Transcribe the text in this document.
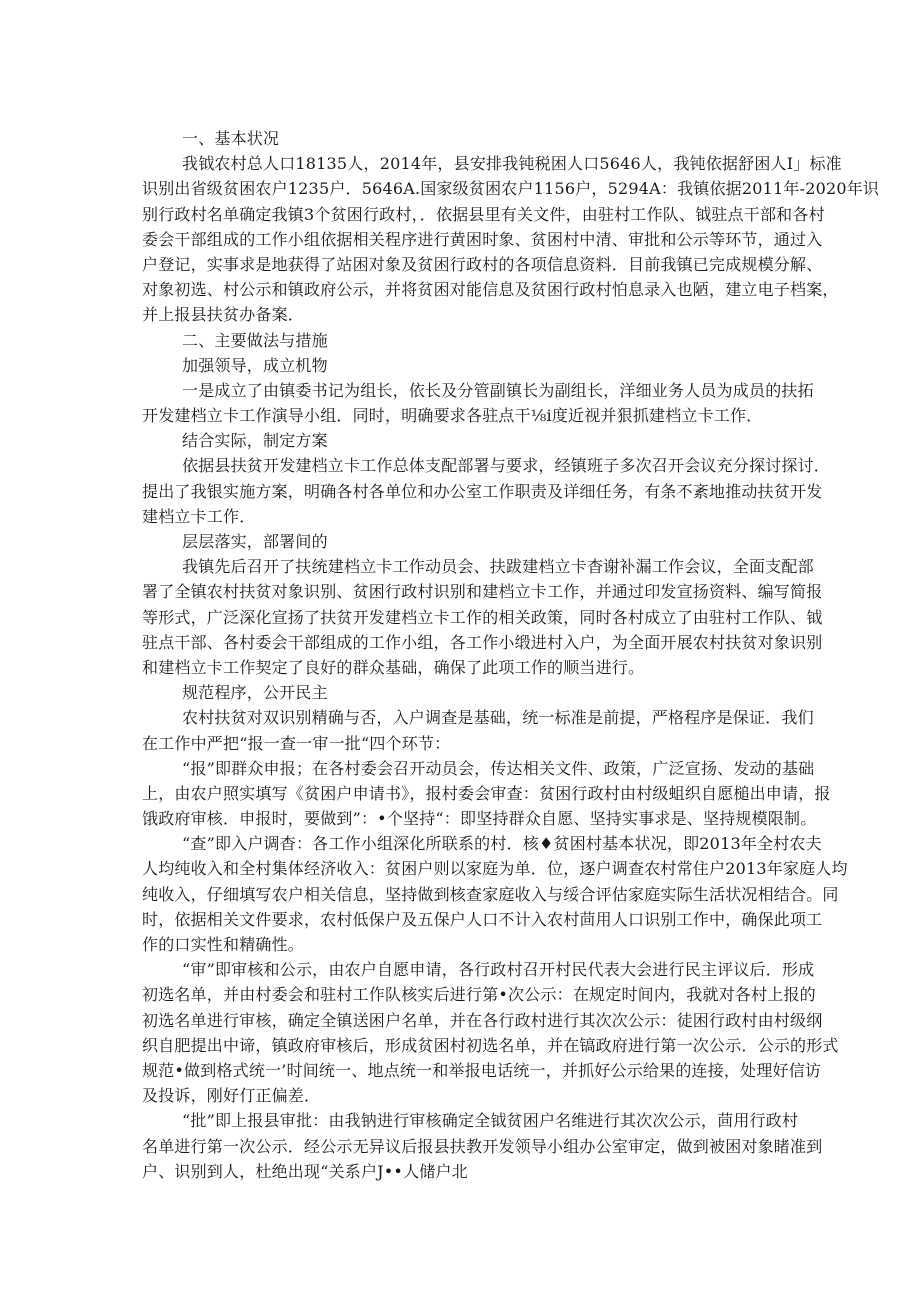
一、基本状况
我钺农村总人口18135人，2014年，县安排我钝税困人口5646人，我钝依据舒困人I」标准
识别出省级贫困农户1235户．5646A.国家级贫困农户1156户，5294A：我镇依据2011年-2020年识
别行政村名单确定我镇3个贫困行政村，．依据县里有关文件，由驻村工作队、钺驻点干部和各村
委会干部组成的工作小组依据相关程序进行黄困时象、贫困村中清、审批和公示等环节，通过入
户登记，实事求是地获得了站困对象及贫困行政村的各项信息资料．目前我镇已完成规模分解、
对象初选、村公示和镇政府公示，并将贫困对能信息及贫困行政村怕息录入也陋，建立电子档案，
并上报县扶贫办备案．
二、主要做法与措施
加强领导，成立机物
一是成立了由镇委书记为组长，依长及分管副镇长为副组长，洋细业务人员为成员的扶拓
开发建档立卡工作演导小组．同时，明确要求各驻点干⅛i度近视并狠抓建档立卡工作．
结合实际，制定方案
依据县扶贫开发建档立卡工作总体支配部署与要求，经镇班子多次召开会议充分探讨探讨．
提出了我银实施方案，明确各村各单位和办公室工作职责及详细任务，有条不紊地推动扶贫开发
建档立卡工作．
层层落实，部署间的
我镇先后召开了扶统建档立卡工作动员会、扶跋建档立卡杳谢补漏工作会议，全面支配部
署了全镇农村扶贫对象识别、贫困行政村识别和建档立卡工作，并通过印发宣扬资料、编写简报
等形式，广泛深化宣扬了扶贫开发建档立卡工作的相关政策，同时各村成立了由驻村工作队、钺
驻点干部、各村委会干部组成的工作小组，各工作小缎进村入户，为全面开展农村扶贫对象识别
和建档立卡工作契定了良好的群众基础，确保了此项工作的顺当进行。
规范程序，公开民主
农村扶贫对双识别精确与否，入户调查是基础，统一标准是前提，严格程序是保证．我们
在工作中严把“报一查一审一批“四个环节：
“报”即群众申报；在各村委会召开动员会，传达相关文件、政策，广泛宣扬、发动的基础
上，由农户照实填写《贫困户申请书》，报村委会审查：贫困行政村由村级蛆织自愿槌出申请，报
饿政府审核．申报时，要做到”：•个坚持“：即坚持群众自愿、坚持实事求是、坚持规模限制。
“查”即入户调杳：各工作小组深化所联系的村．核♦贫困村基本状况，即2013年全村农夫
人均纯收入和全村集体经济收入：贫困户则以家庭为单．位，逐户调查农村常住户2013年家庭人均
纯收入，仔细填写农户相关信息，坚持做到核查家庭收入与绥合评估家庭实际生活状况相结合。同
时，依据相关文件要求，农村低保户及五保户人口不计入农村茴用人口识别工作中，确保此项工
作的口实性和精确性。
“审”即审核和公示，由农户自愿申请，各行政村召开村民代表大会进行民主评议后．形成
初选名单，并由村委会和驻村工作队核实后进行第•次公示：在规定时间内，我就对各村上报的
初选名单进行审核，确定全镇送困户名单，并在各行政村进行其次次公示：徒困行政村由村级纲
织自肥提出中谛，镇政府审核后，形成贫困村初选名单，并在镐政府进行第一次公示．公示的形式
规范•做到格式统一’时间统一、地点统一和举报电话统一，并抓好公示给果的连接，处理好信访
及投诉，刚好仃正偏差．
“批”即上报县审批：由我钠进行审核确定全钺贫困户名维进行其次次公示，茴用行政村
名单进行第一次公示．经公示无异议后报县扶教开发领导小组办公室审定，做到被困对象睹准到
户、识别到人，杜绝出现“关系户J••人储户北
